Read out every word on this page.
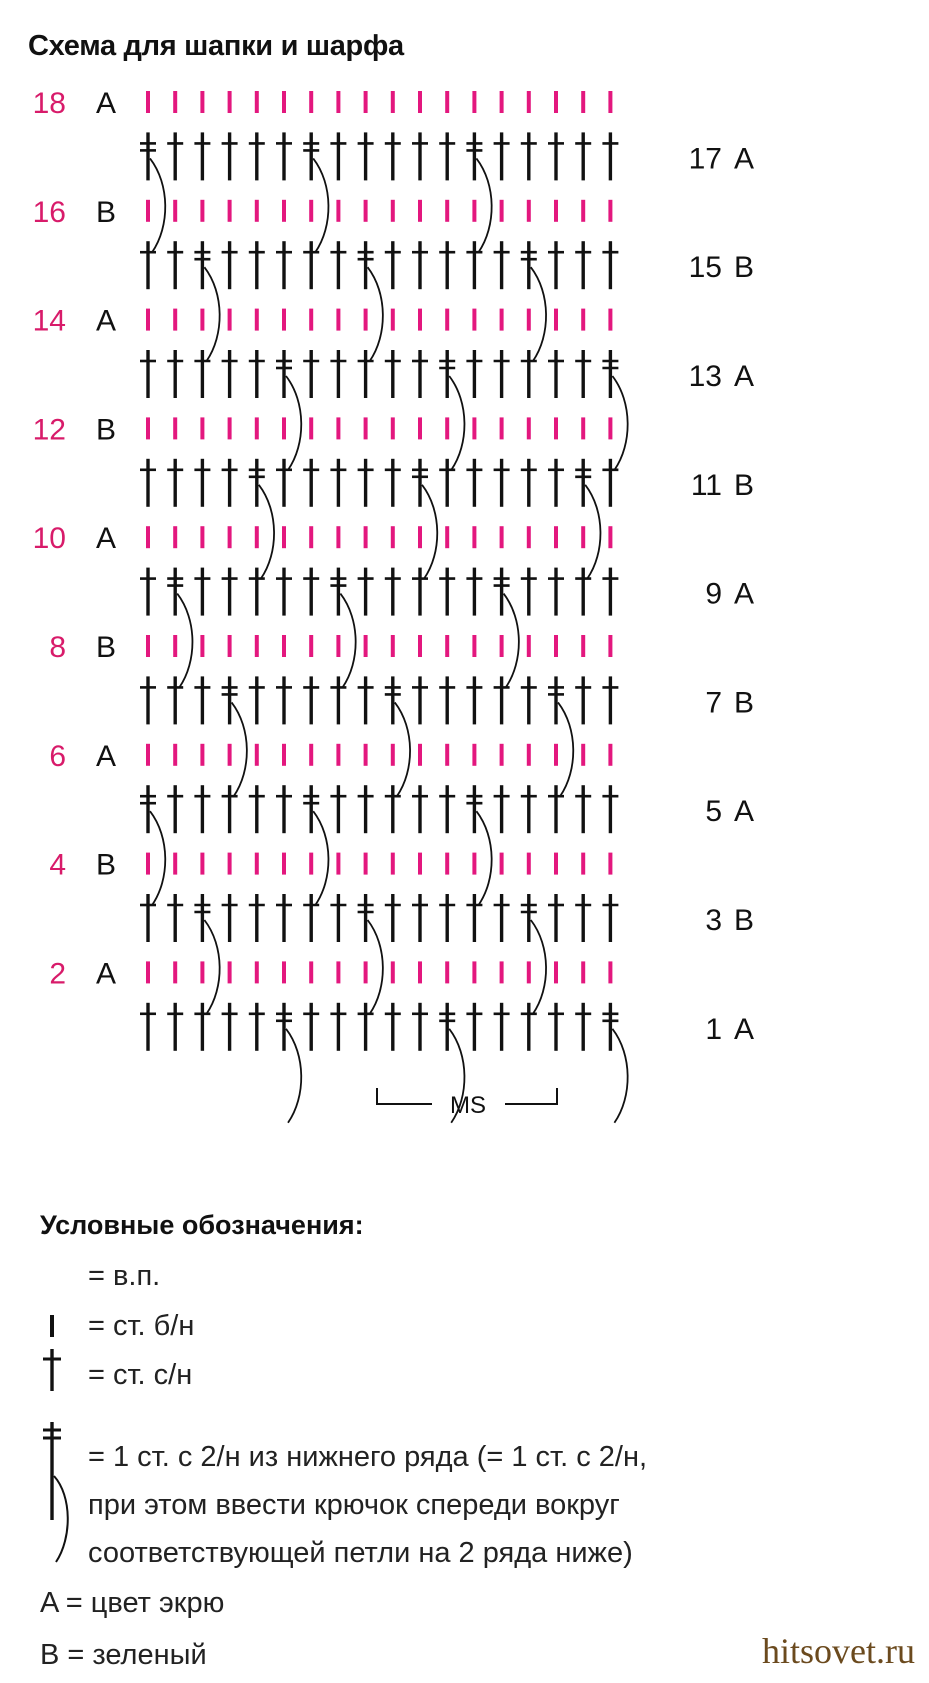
Схема для шапки и шарфа
18 A
17 A
16 B
15 B
14 A
13 A
12 B
11 B
10 A
9 A
8 B
7 B
6 A
5 A
4 B
3 B
2 A
1 A
MS
Условные обозначения:
= в.п.
= ст. б/н
= ст. с/н
= 1 ст. с 2/н из нижнего ряда (= 1 ст. с 2/н,
при этом ввести крючок спереди вокруг
соответствующей петли на 2 ряда ниже)
A = цвет экрю
B = зеленый	hitsovet.ru
